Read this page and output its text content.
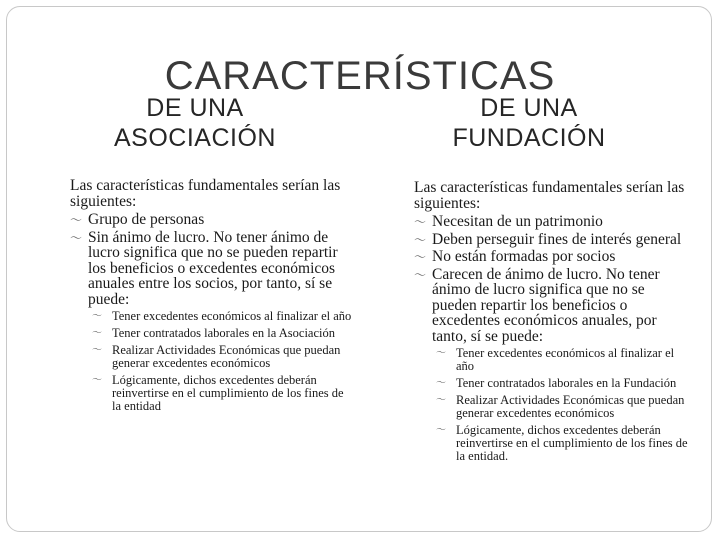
CARACTERÍSTICAS
DE UNA
ASOCIACIÓN
DE UNA
FUNDACIÓN

Las características fundamentales serían las siguientes:

〜 Grupo de personas
〜 Sin ánimo de lucro. No tener ánimo de lucro significa que no se pueden repartir los beneficios o excedentes económicos anuales entre los socios, por tanto, sí se puede:
〜 Tener excedentes económicos al finalizar el año
〜 Tener contratados laborales en la Asociación
〜 Realizar Actividades Económicas que puedan generar excedentes económicos
〜 Lógicamente, dichos excedentes deberán reinvertirse en el cumplimiento de los fines de la entidad

Las características fundamentales serían las siguientes:

〜 Necesitan de un patrimonio
〜 Deben perseguir fines de interés general
〜 No están formadas por socios
〜 Carecen de ánimo de lucro. No tener ánimo de lucro significa que no se pueden repartir los beneficios o excedentes económicos anuales, por tanto, sí se puede:
〜 Tener excedentes económicos al finalizar el año
〜 Tener contratados laborales en la Fundación
〜 Realizar Actividades Económicas que puedan generar excedentes económicos
〜 Lógicamente, dichos excedentes deberán reinvertirse en el cumplimiento de los fines de la entidad.
